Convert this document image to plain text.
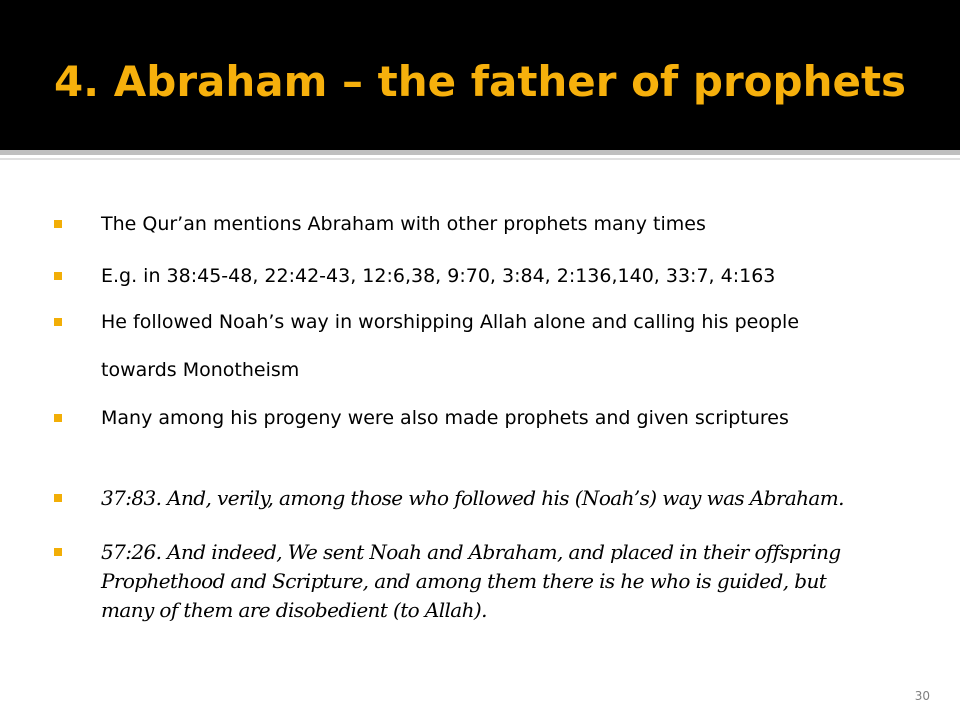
4. Abraham – the father of prophets
The Qur’an mentions Abraham with other prophets many times
E.g. in 38:45-48, 22:42-43, 12:6,38, 9:70, 3:84, 2:136,140, 33:7, 4:163
He followed Noah’s way in worshipping Allah alone and calling his people
towards Monotheism
Many among his progeny were also made prophets and given scriptures
37:83. And, verily, among those who followed his (Noah’s) way was Abraham.
57:26. And indeed, We sent Noah and Abraham, and placed in their offspring
Prophethood and Scripture, and among them there is he who is guided, but
many of them are disobedient (to Allah).
30
